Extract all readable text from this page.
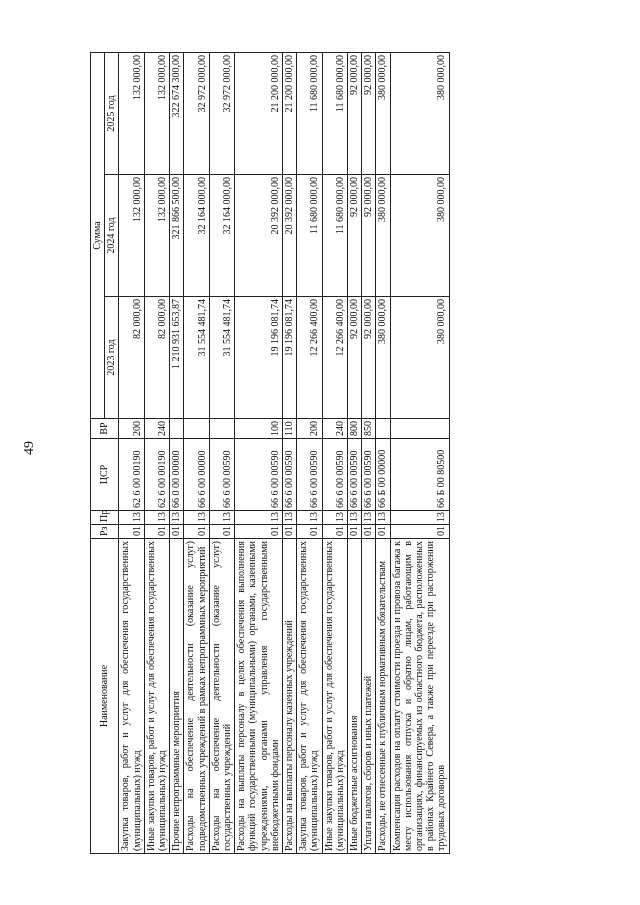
49
Наименование	Рз	Пр	ЦСР	ВР	Сумма		
					2023 год	2024 год	2025 год
Закупка товаров, работ и услуг для обеспечения государственных (муниципальных) нужд	01	13	62 6 00 00190	200	82 000,00	132 000,00	132 000,00
Иные закупки товаров, работ и услуг для обеспечения государственных (муниципальных) нужд	01	13	62 6 00 00190	240	82 000,00	132 000,00	132 000,00
Прочие непрограммные мероприятия	01	13	66 0 00 00000		1 210 931 653,87	321 866 500,00	322 674 300,00
Расходы на обеспечение деятельности (оказание услуг) подведомственных учреждений в рамках непрограммных мероприятий	01	13	66 6 00 00000		31 554 481,74	32 164 000,00	32 972 000,00
Расходы на обеспечение деятельности (оказание услуг) государственных учреждений	01	13	66 6 00 00590		31 554 481,74	32 164 000,00	32 972 000,00
Расходы на выплаты персоналу в целях обеспечения выполнения функций государственными (муниципальными) органами, казенными учреждениями, органами управления государственными внебюджетными фондами	01	13	66 6 00 00590	100	19 196 081,74	20 392 000,00	21 200 000,00
Расходы на выплаты персоналу казенных учреждений	01	13	66 6 00 00590	110	19 196 081,74	20 392 000,00	21 200 000,00
Закупка товаров, работ и услуг для обеспечения государственных (муниципальных) нужд	01	13	66 6 00 00590	200	12 266 400,00	11 680 000,00	11 680 000,00
Иные закупки товаров, работ и услуг для обеспечения государственных (муниципальных) нужд	01	13	66 6 00 00590	240	12 266 400,00	11 680 000,00	11 680 000,00
Иные бюджетные ассигнования	01	13	66 6 00 00590	800	92 000,00	92 000,00	92 000,00
Уплата налогов, сборов и иных платежей	01	13	66 6 00 00590	850	92 000,00	92 000,00	92 000,00
Расходы, не отнесенные к публичным нормативным обязательствам	01	13	66 Б 00 00000		380 000,00	380 000,00	380 000,00
Компенсация расходов на оплату стоимости проезда и провоза багажа к месту использования отпуска и обратно лицам, работающим в организациях, финансируемых из областного бюджета, расположенных в районах Крайнего Севера, а также при переезде при расторжении трудовых договоров	01	13	66 Б 00 80500		380 000,00	380 000,00	380 000,00
